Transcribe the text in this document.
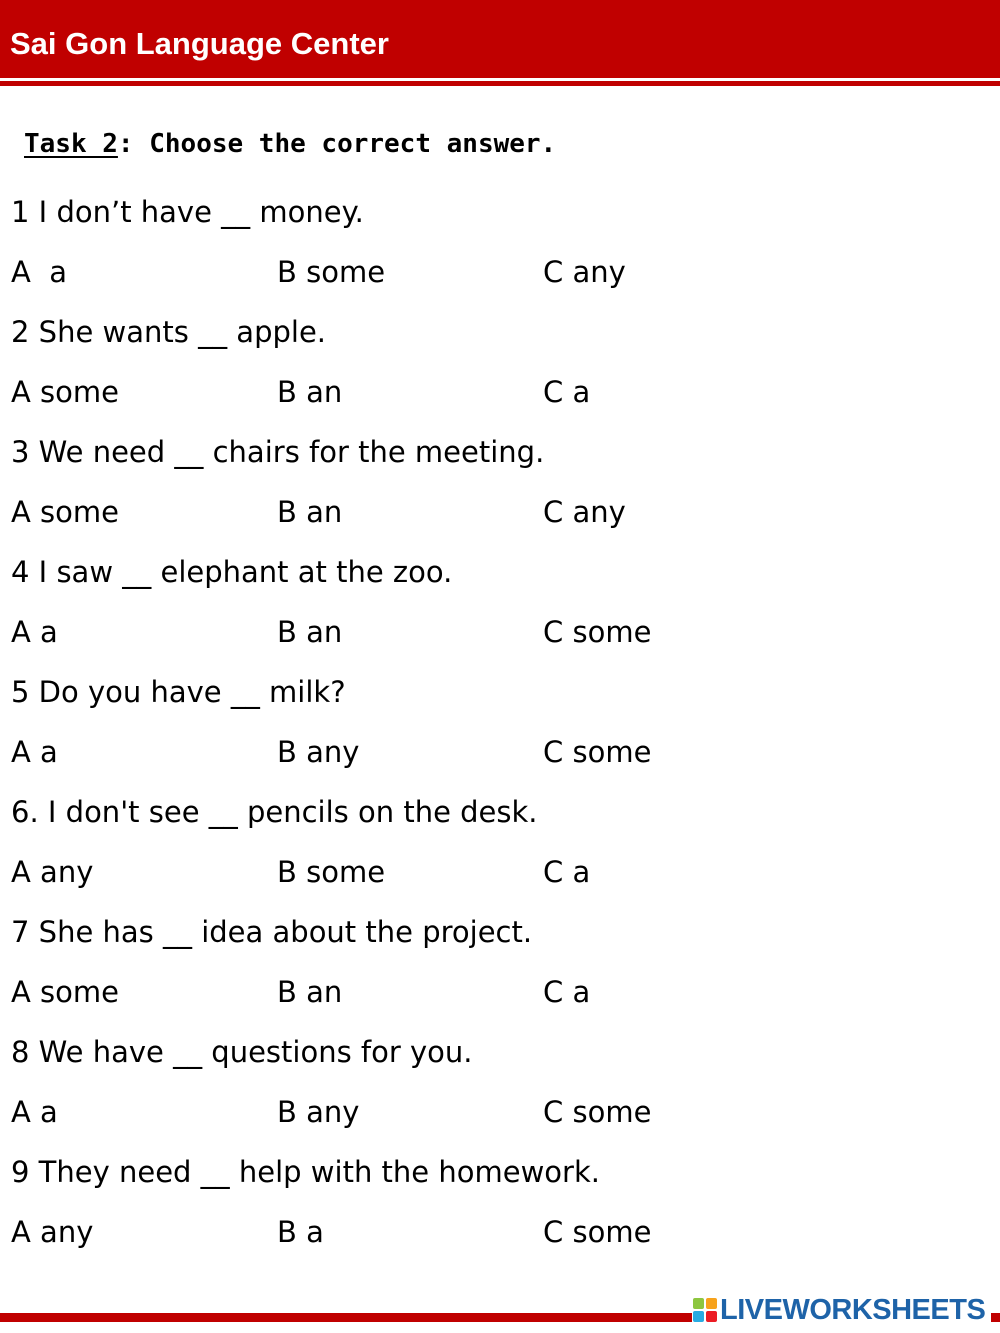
Sai Gon Language Center
Task 2: Choose the correct answer.
1 I don’t have __ money.
A  a	B some	C any
2 She wants __ apple.
A some	B an	C a
3 We need __ chairs for the meeting.
A some	B an	C any
4 I saw __ elephant at the zoo.
A a	B an	C some
5 Do you have __ milk?
A a	B any	C some
6. I don't see __ pencils on the desk.
A any	B some	C a
7 She has __ idea about the project.
A some	B an	C a
8 We have __ questions for you.
A a	B any	C some
9 They need __ help with the homework.
A any	B a	C some
LIVEWORKSHEETS
